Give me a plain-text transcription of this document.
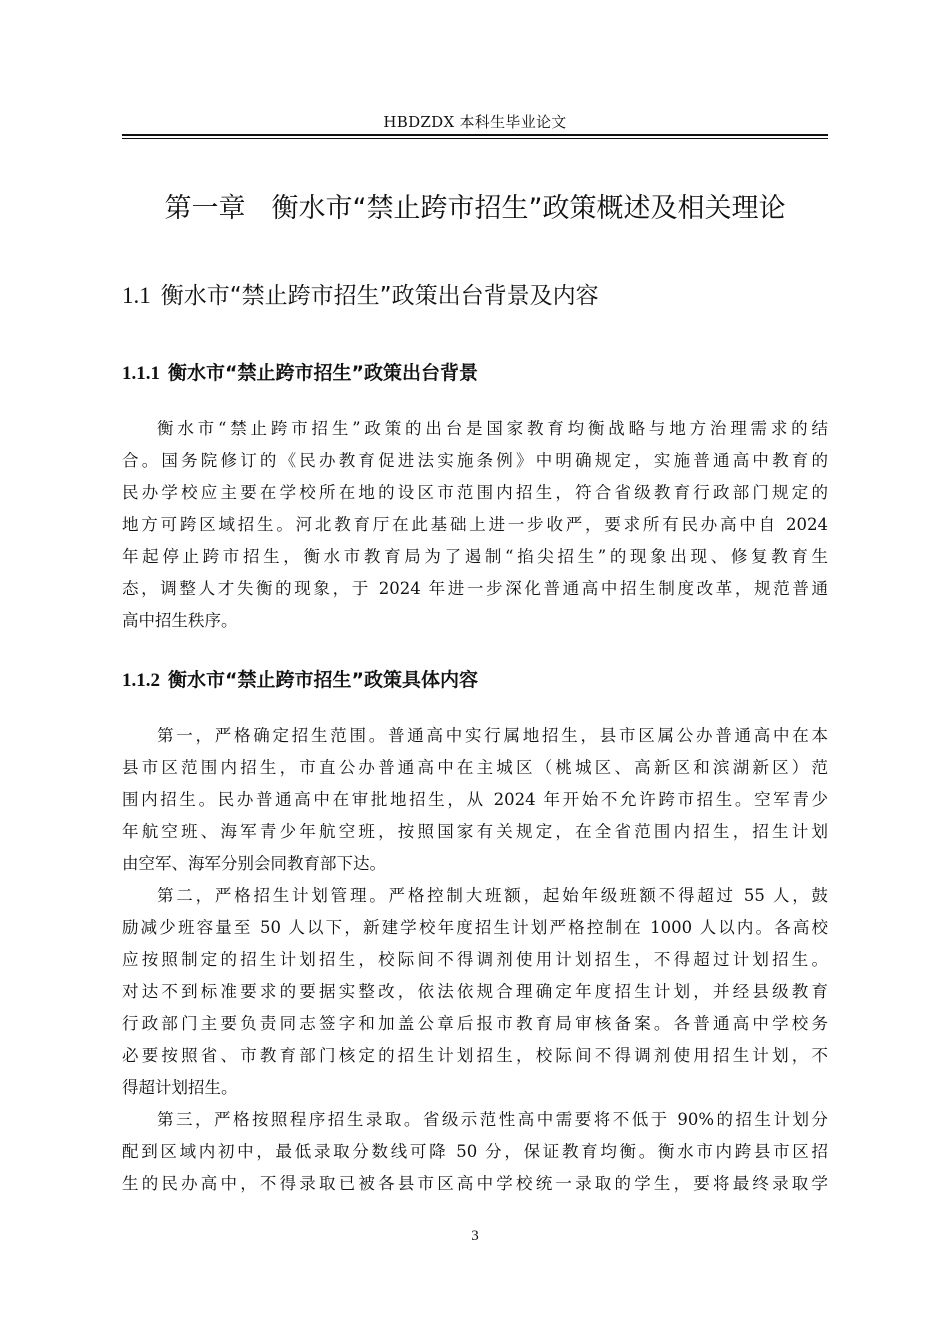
HBDZDX 本科生毕业论文
第一章 衡水市“禁止跨市招生”政策概述及相关理论
1.1 衡水市“禁止跨市招生”政策出台背景及内容
1.1.1 衡水市“禁止跨市招生”政策出台背景
衡水市“禁止跨市招生”政策的出台是国家教育均衡战略与地方治理需求的结
合。国务院修订的《民办教育促进法实施条例》中明确规定，实施普通高中教育的
民办学校应主要在学校所在地的设区市范围内招生，符合省级教育行政部门规定的
地方可跨区域招生。河北教育厅在此基础上进一步收严，要求所有民办高中自 2024
年起停止跨市招生，衡水市教育局为了遏制“掐尖招生”的现象出现、修复教育生
态，调整人才失衡的现象，于 2024 年进一步深化普通高中招生制度改革，规范普通
高中招生秩序。
1.1.2 衡水市“禁止跨市招生”政策具体内容
第一，严格确定招生范围。普通高中实行属地招生，县市区属公办普通高中在本
县市区范围内招生，市直公办普通高中在主城区（桃城区、高新区和滨湖新区）范
围内招生。民办普通高中在审批地招生，从 2024 年开始不允许跨市招生。空军青少
年航空班、海军青少年航空班，按照国家有关规定，在全省范围内招生，招生计划
由空军、海军分别会同教育部下达。
第二，严格招生计划管理。严格控制大班额，起始年级班额不得超过 55 人，鼓
励减少班容量至 50 人以下，新建学校年度招生计划严格控制在 1000 人以内。各高校
应按照制定的招生计划招生，校际间不得调剂使用计划招生，不得超过计划招生。
对达不到标准要求的要据实整改，依法依规合理确定年度招生计划，并经县级教育
行政部门主要负责同志签字和加盖公章后报市教育局审核备案。各普通高中学校务
必要按照省、市教育部门核定的招生计划招生，校际间不得调剂使用招生计划，不
得超计划招生。
第三，严格按照程序招生录取。省级示范性高中需要将不低于 90%的招生计划分
配到区域内初中，最低录取分数线可降 50 分，保证教育均衡。衡水市内跨县市区招
生的民办高中，不得录取已被各县市区高中学校统一录取的学生，要将最终录取学
3
